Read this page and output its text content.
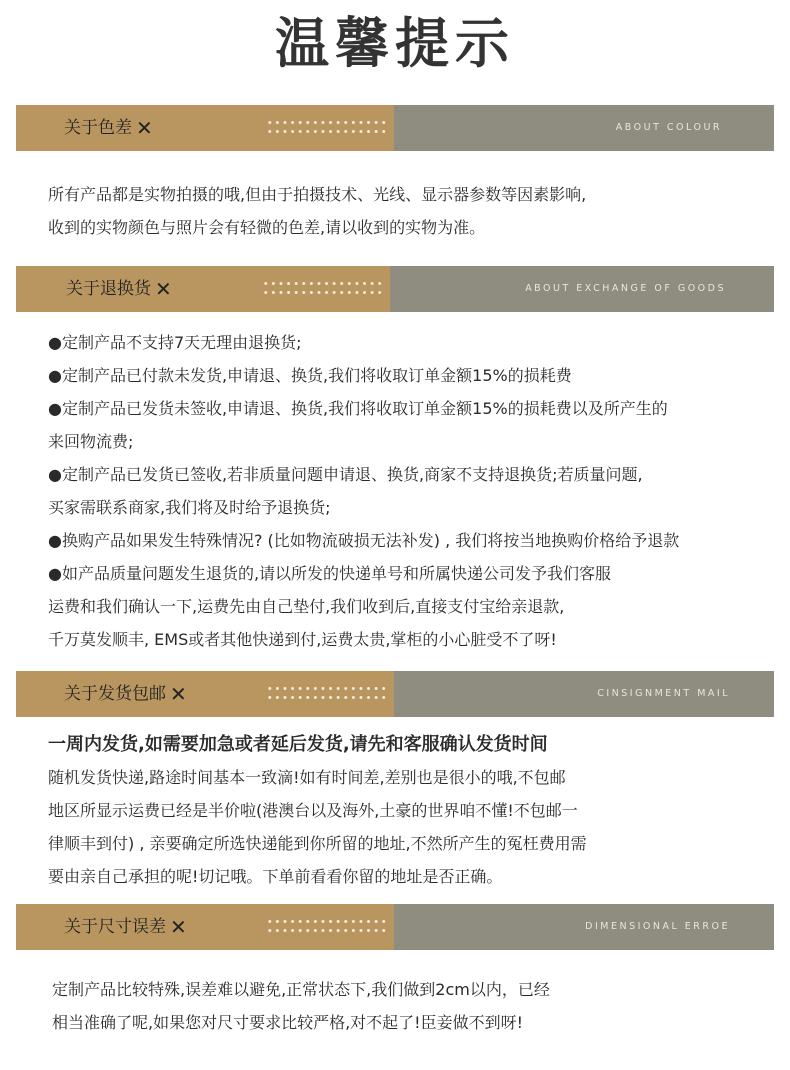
温馨提示
关于色差 ✕	ABOUT COLOUR

所有产品都是实物拍摄的哦,但由于拍摄技术、光线、显示器参数等因素影响,

收到的实物颜色与照片会有轻微的色差,请以收到的实物为准。

关于退换货 ✕	ABOUT EXCHANGE OF GOODS

●定制产品不支持7天无理由退换货;

●定制产品已付款未发货,申请退、换货,我们将收取订单金额15%的损耗费

●定制产品已发货未签收,申请退、换货,我们将收取订单金额15%的损耗费以及所产生的

来回物流费;

●定制产品已发货已签收,若非质量问题申请退、换货,商家不支持退换货;若质量问题,

买家需联系商家,我们将及时给予退换货;

●换购产品如果发生特殊情况? (比如物流破损无法补发) , 我们将按当地换购价格给予退款

●如产品质量问题发生退货的,请以所发的快递单号和所属快递公司发予我们客服

运费和我们确认一下,运费先由自己垫付,我们收到后,直接支付宝给亲退款,

千万莫发顺丰, EMS或者其他快递到付,运费太贵,掌柜的小心脏受不了呀!

关于发货包邮 ✕	CINSIGNMENT MAIL

一周内发货,如需要加急或者延后发货,请先和客服确认发货时间

随机发货快递,路途时间基本一致滴!如有时间差,差别也是很小的哦,不包邮

地区所显示运费已经是半价啦(港澳台以及海外,土豪的世界咱不懂!不包邮一

律顺丰到付) , 亲要确定所选快递能到你所留的地址,不然所产生的冤枉费用需

要由亲自己承担的呢!切记哦。下单前看看你留的地址是否正确。

关于尺寸误差 ✕	DIMENSIONAL ERROE

定制产品比较特殊,误差难以避免,正常状态下,我们做到2cm以内，已经

相当准确了呢,如果您对尺寸要求比较严格,对不起了!臣妾做不到呀!
